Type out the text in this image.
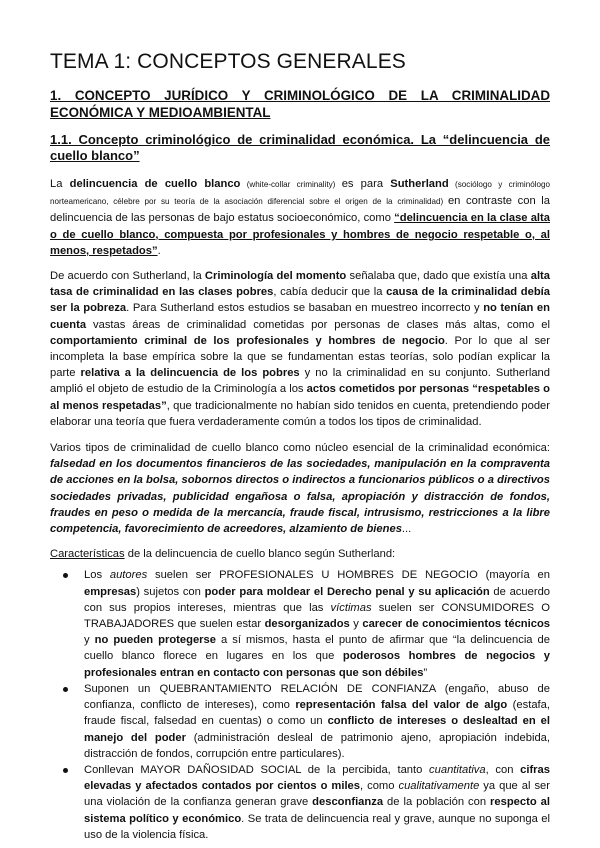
TEMA 1: CONCEPTOS GENERALES
1. CONCEPTO JURÍDICO Y CRIMINOLÓGICO DE LA CRIMINALIDAD ECONÓMICA Y MEDIOAMBIENTAL
1.1. Concepto criminológico de criminalidad económica. La “delincuencia de cuello blanco”

La delincuencia de cuello blanco (white-collar criminality) es para Sutherland (sociólogo y criminólogo norteamericano, célebre por su teoría de la asociación diferencial sobre el origen de la criminalidad) en contraste con la delincuencia de las personas de bajo estatus socioeconómico, como “delincuencia en la clase alta o de cuello blanco, compuesta por profesionales y hombres de negocio respetable o, al menos, respetados”.

De acuerdo con Sutherland, la Criminología del momento señalaba que, dado que existía una alta tasa de criminalidad en las clases pobres, cabía deducir que la causa de la criminalidad debía ser la pobreza. Para Sutherland estos estudios se basaban en muestreo incorrecto y no tenían en cuenta vastas áreas de criminalidad cometidas por personas de clases más altas, como el comportamiento criminal de los profesionales y hombres de negocio. Por lo que al ser incompleta la base empírica sobre la que se fundamentan estas teorías, solo podían explicar la parte relativa a la delincuencia de los pobres y no la criminalidad en su conjunto. Sutherland amplió el objeto de estudio de la Criminología a los actos cometidos por personas “respetables o al menos respetadas”, que tradicionalmente no habían sido tenidos en cuenta, pretendiendo poder elaborar una teoría que fuera verdaderamente común a todos los tipos de criminalidad.

Varios tipos de criminalidad de cuello blanco como núcleo esencial de la criminalidad económica: falsedad en los documentos financieros de las sociedades, manipulación en la compraventa de acciones en la bolsa, sobornos directos o indirectos a funcionarios públicos o a directivos sociedades privadas, publicidad engañosa o falsa, apropiación y distracción de fondos, fraudes en peso o medida de la mercancía, fraude fiscal, intrusismo, restricciones a la libre competencia, favorecimiento de acreedores, alzamiento de bienes...

Características de la delincuencia de cuello blanco según Sutherland:

Los autores suelen ser PROFESIONALES U HOMBRES DE NEGOCIO (mayoría en empresas) sujetos con poder para moldear el Derecho penal y su aplicación de acuerdo con sus propios intereses, mientras que las víctimas suelen ser CONSUMIDORES O TRABAJADORES que suelen estar desorganizados y carecer de conocimientos técnicos y no pueden protegerse a sí mismos, hasta el punto de afirmar que “la delincuencia de cuello blanco florece en lugares en los que poderosos hombres de negocios y profesionales entran en contacto con personas que son débiles”
Suponen un QUEBRANTAMIENTO RELACIÓN DE CONFIANZA (engaño, abuso de confianza, conflicto de intereses), como representación falsa del valor de algo (estafa, fraude fiscal, falsedad en cuentas) o como un conflicto de intereses o deslealtad en el manejo del poder (administración desleal de patrimonio ajeno, apropiación indebida, distracción de fondos, corrupción entre particulares).
Conllevan MAYOR DAÑOSIDAD SOCIAL de la percibida, tanto cuantitativa, con cifras elevadas y afectados contados por cientos o miles, como cualitativamente ya que al ser una violación de la confianza generan grave desconfianza de la población con respecto al sistema político y económico. Se trata de delincuencia real y grave, aunque no suponga el uso de la violencia física.
